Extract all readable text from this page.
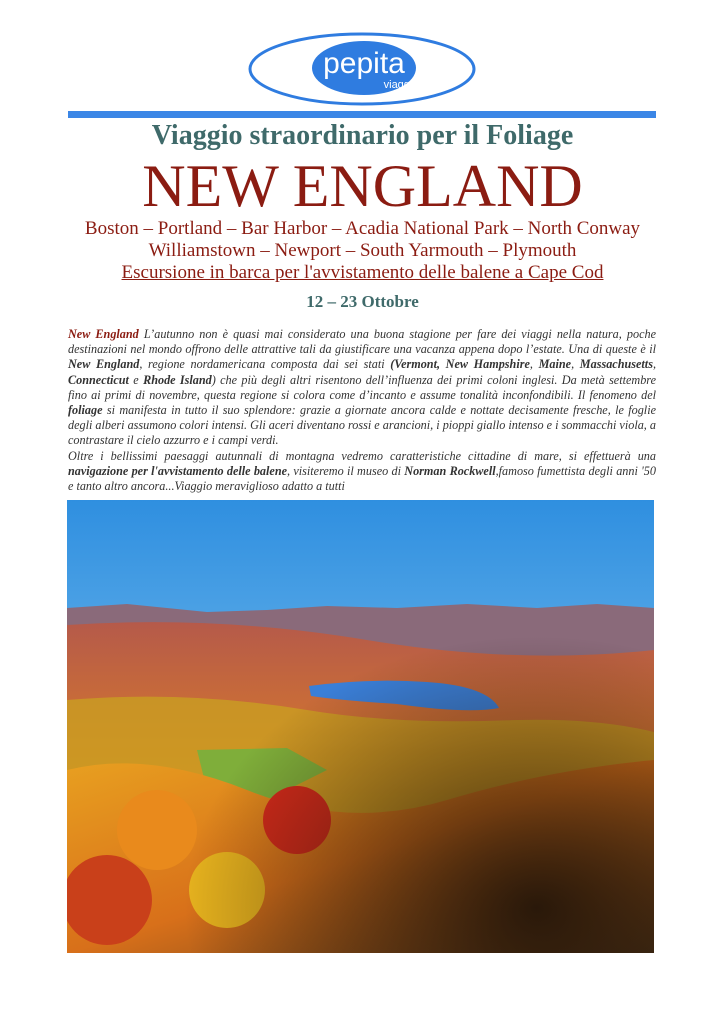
pepita
viaggi
Viaggio straordinario per il Foliage
NEW ENGLAND
Boston – Portland – Bar Harbor – Acadia National Park – North Conway
Williamstown – Newport – South Yarmouth – Plymouth
Escursione in barca per l'avvistamento delle balene a Cape Cod
12 – 23 Ottobre
New England L’autunno non è quasi mai considerato una buona stagione per fare dei viaggi nella natura, poche destinazioni nel mondo offrono delle attrattive tali da giustificare una vacanza appena dopo l’estate. Una di queste è il New England, regione nordamericana composta dai sei stati (Vermont, New Hampshire, Maine, Massachusetts, Connecticut e Rhode Island) che più degli altri risentono dell’influenza dei primi coloni inglesi. Da metà settembre fino ai primi di novembre, questa regione si colora come d’incanto e assume tonalità inconfondibili. Il fenomeno del foliage si manifesta in tutto il suo splendore: grazie a giornate ancora calde e nottate decisamente fresche, le foglie degli alberi assumono colori intensi. Gli aceri diventano rossi e arancioni, i pioppi giallo intenso e i sommacchi viola, a contrastare il cielo azzurro e i campi verdi.
Oltre i bellissimi paesaggi autunnali di montagna vedremo caratteristiche cittadine di mare, si effettuerà una navigazione per l'avvistamento delle balene, visiteremo il museo di Norman Rockwell,famoso fumettista degli anni '50 e tanto altro ancora...Viaggio meraviglioso adatto a tutti
